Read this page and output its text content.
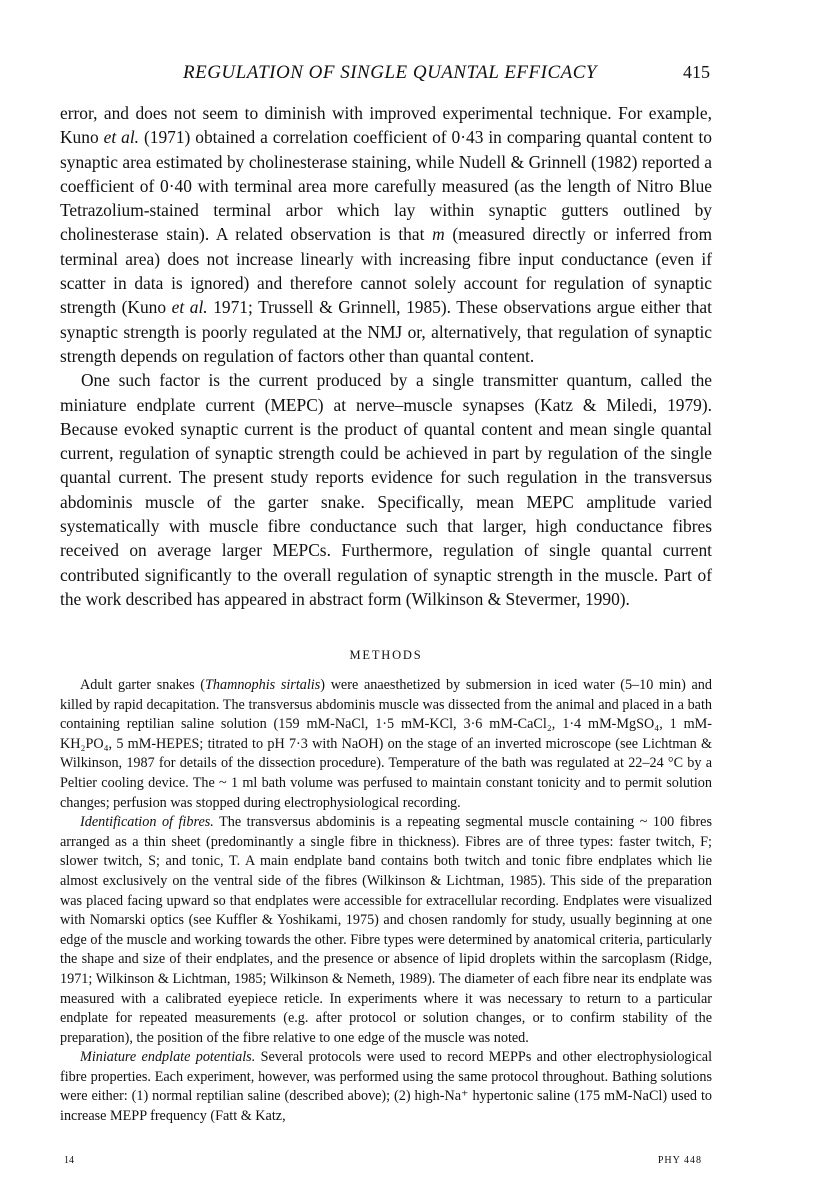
REGULATION OF SINGLE QUANTAL EFFICACY	415

error, and does not seem to diminish with improved experimental technique. For example, Kuno et al. (1971) obtained a correlation coefficient of 0·43 in comparing quantal content to synaptic area estimated by cholinesterase staining, while Nudell & Grinnell (1982) reported a coefficient of 0·40 with terminal area more carefully measured (as the length of Nitro Blue Tetrazolium-stained terminal arbor which lay within synaptic gutters outlined by cholinesterase stain). A related observation is that m (measured directly or inferred from terminal area) does not increase linearly with increasing fibre input conductance (even if scatter in data is ignored) and therefore cannot solely account for regulation of synaptic strength (Kuno et al. 1971; Trussell & Grinnell, 1985). These observations argue either that synaptic strength is poorly regulated at the NMJ or, alternatively, that regulation of synaptic strength depends on regulation of factors other than quantal content.

One such factor is the current produced by a single transmitter quantum, called the miniature endplate current (MEPC) at nerve–muscle synapses (Katz & Miledi, 1979). Because evoked synaptic current is the product of quantal content and mean single quantal current, regulation of synaptic strength could be achieved in part by regulation of the single quantal current. The present study reports evidence for such regulation in the transversus abdominis muscle of the garter snake. Specifically, mean MEPC amplitude varied systematically with muscle fibre conductance such that larger, high conductance fibres received on average larger MEPCs. Furthermore, regulation of single quantal current contributed significantly to the overall regulation of synaptic strength in the muscle. Part of the work described has appeared in abstract form (Wilkinson & Stevermer, 1990).

METHODS

Adult garter snakes (Thamnophis sirtalis) were anaesthetized by submersion in iced water (5–10 min) and killed by rapid decapitation. The transversus abdominis muscle was dissected from the animal and placed in a bath containing reptilian saline solution (159 mM-NaCl, 1·5 mM-KCl, 3·6 mM-CaCl₂, 1·4 mM-MgSO₄, 1 mM-KH₂PO₄, 5 mM-HEPES; titrated to pH 7·3 with NaOH) on the stage of an inverted microscope (see Lichtman & Wilkinson, 1987 for details of the dissection procedure). Temperature of the bath was regulated at 22–24 °C by a Peltier cooling device. The ~ 1 ml bath volume was perfused to maintain constant tonicity and to permit solution changes; perfusion was stopped during electrophysiological recording.

Identification of fibres. The transversus abdominis is a repeating segmental muscle containing ~ 100 fibres arranged as a thin sheet (predominantly a single fibre in thickness). Fibres are of three types: faster twitch, F; slower twitch, S; and tonic, T. A main endplate band contains both twitch and tonic fibre endplates which lie almost exclusively on the ventral side of the fibres (Wilkinson & Lichtman, 1985). This side of the preparation was placed facing upward so that endplates were accessible for extracellular recording. Endplates were visualized with Nomarski optics (see Kuffler & Yoshikami, 1975) and chosen randomly for study, usually beginning at one edge of the muscle and working towards the other. Fibre types were determined by anatomical criteria, particularly the shape and size of their endplates, and the presence or absence of lipid droplets within the sarcoplasm (Ridge, 1971; Wilkinson & Lichtman, 1985; Wilkinson & Nemeth, 1989). The diameter of each fibre near its endplate was measured with a calibrated eyepiece reticle. In experiments where it was necessary to return to a particular endplate for repeated measurements (e.g. after protocol or solution changes, or to confirm stability of the preparation), the position of the fibre relative to one edge of the muscle was noted.

Miniature endplate potentials. Several protocols were used to record MEPPs and other electrophysiological fibre properties. Each experiment, however, was performed using the same protocol throughout. Bathing solutions were either: (1) normal reptilian saline (described above); (2) high-Na⁺ hypertonic saline (175 mM-NaCl) used to increase MEPP frequency (Fatt & Katz,

14	PHY 448
